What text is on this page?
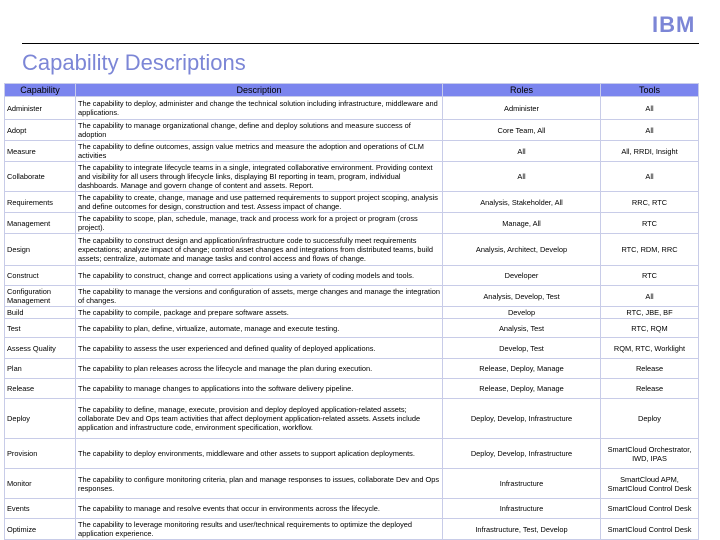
IBM
Capability Descriptions
Capability	Description	Roles	Tools
Administer	The capability to deploy, administer and change the technical solution including infrastructure, middleware and applications.	Administer	All
Adopt	The capability to manage organizational change, define and deploy solutions and measure success of adoption	Core Team, All	All
Measure	The capability to define outcomes, assign value metrics and measure the adoption and operations of CLM activities	All	All, RRDI, Insight
Collaborate	The capability to integrate lifecycle teams in a single, integrated collaborative environment. Providing context and visibility for all users through lifecycle links, displaying BI reporting in team, program, individual dashboards. Manage and govern change of content and assets. Report.	All	All
Requirements	The capability to create, change, manage and use patterned requirements to support project scoping, analysis and define outcomes for design, construction and test. Assess impact of change.	Analysis, Stakeholder, All	RRC, RTC
Management	The capability to scope, plan, schedule, manage, track and process work for a project or program (cross project).	Manage, All	RTC
Design	The capability to construct design and application/infrastructure code to successfully meet requirements expectations; analyze impact of change; control asset changes and integrations from distributed teams, build assets; centralize, automate and manage tasks and control access and flows of change.	Analysis, Architect, Develop	RTC, RDM, RRC
Construct	The capability to construct, change and correct applications using a variety of coding models and tools.	Developer	RTC
Configuration Management	The capability to manage the versions and configuration of assets, merge changes and manage the integration of changes.	Analysis, Develop, Test	All
Build	The capability to compile, package and prepare software assets.	Develop	RTC, JBE, BF
Test	The capability to plan, define, virtualize, automate, manage and execute testing.	Analysis, Test	RTC, RQM
Assess Quality	The capability to assess the user experienced and defined quality of deployed applications.	Develop, Test	RQM, RTC, Worklight
Plan	The capability to plan releases across the lifecycle and manage the plan during execution.	Release, Deploy, Manage	Release
Release	The capability to manage changes to applications into the software delivery pipeline.	Release, Deploy, Manage	Release
Deploy	The capability to define, manage, execute, provision and deploy deployed application-related assets; collaborate Dev and Ops team activities that affect deployment application-related assets. Assets include application and infrastructure code, environment specification, workflow.	Deploy, Develop, Infrastructure	Deploy
Provision	The capability to deploy environments, middleware and other assets to support aplication deployments.	Deploy, Develop, Infrastructure	SmartCloud Orchestrator, IWD, IPAS
Monitor	The capability to configure monitoring criteria, plan and manage responses to issues, collaborate Dev and Ops responses.	Infrastructure	SmartCloud APM, SmartCloud Control Desk
Events	The capability to manage and resolve events that occur in environments across the lifecycle.	Infrastructure	SmartCloud Control Desk
Optimize	The capability to leverage monitoring results and user/technical requirements to optimize the deployed application experience.	Infrastructure, Test, Develop	SmartCloud Control Desk
